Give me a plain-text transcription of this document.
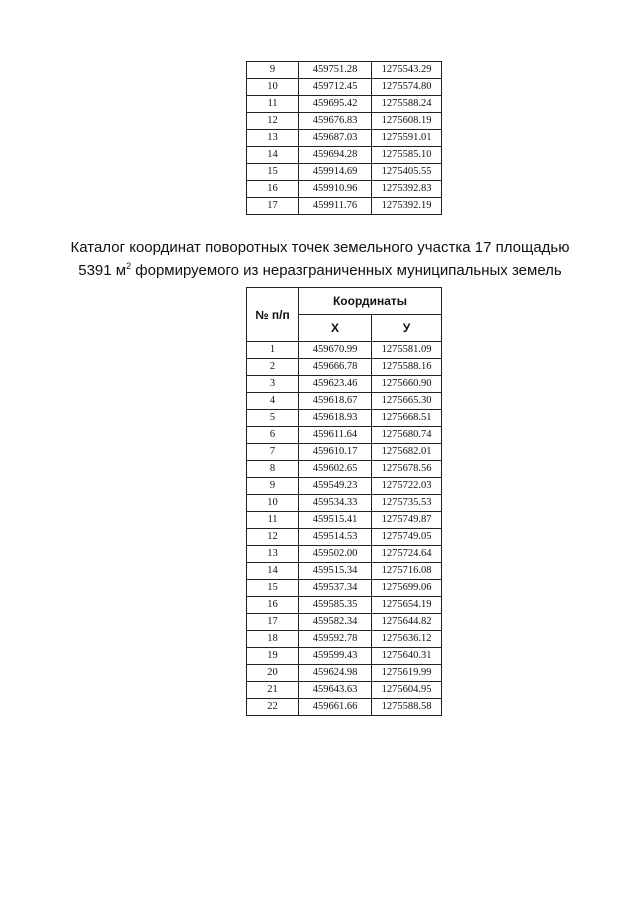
9	459751.28	1275543.29
10	459712.45	1275574.80
11	459695.42	1275588.24
12	459676.83	1275608.19
13	459687.03	1275591.01
14	459694.28	1275585.10
15	459914.69	1275405.55
16	459910.96	1275392.83
17	459911.76	1275392.19
Каталог координат поворотных точек земельного участка 17 площадью
5391 $м^2$ формируемого из неразграниченных муниципальных земель
№ п/п	Координаты	
	Х	У
1	459670.99	1275581.09
2	459666.78	1275588.16
3	459623.46	1275660.90
4	459618.67	1275665.30
5	459618.93	1275668.51
6	459611.64	1275680.74
7	459610.17	1275682.01
8	459602.65	1275678.56
9	459549.23	1275722.03
10	459534.33	1275735.53
11	459515.41	1275749.87
12	459514.53	1275749.05
13	459502.00	1275724.64
14	459515.34	1275716.08
15	459537.34	1275699.06
16	459585.35	1275654.19
17	459582.34	1275644.82
18	459592.78	1275636.12
19	459599.43	1275640.31
20	459624.98	1275619.99
21	459643.63	1275604.95
22	459661.66	1275588.58
